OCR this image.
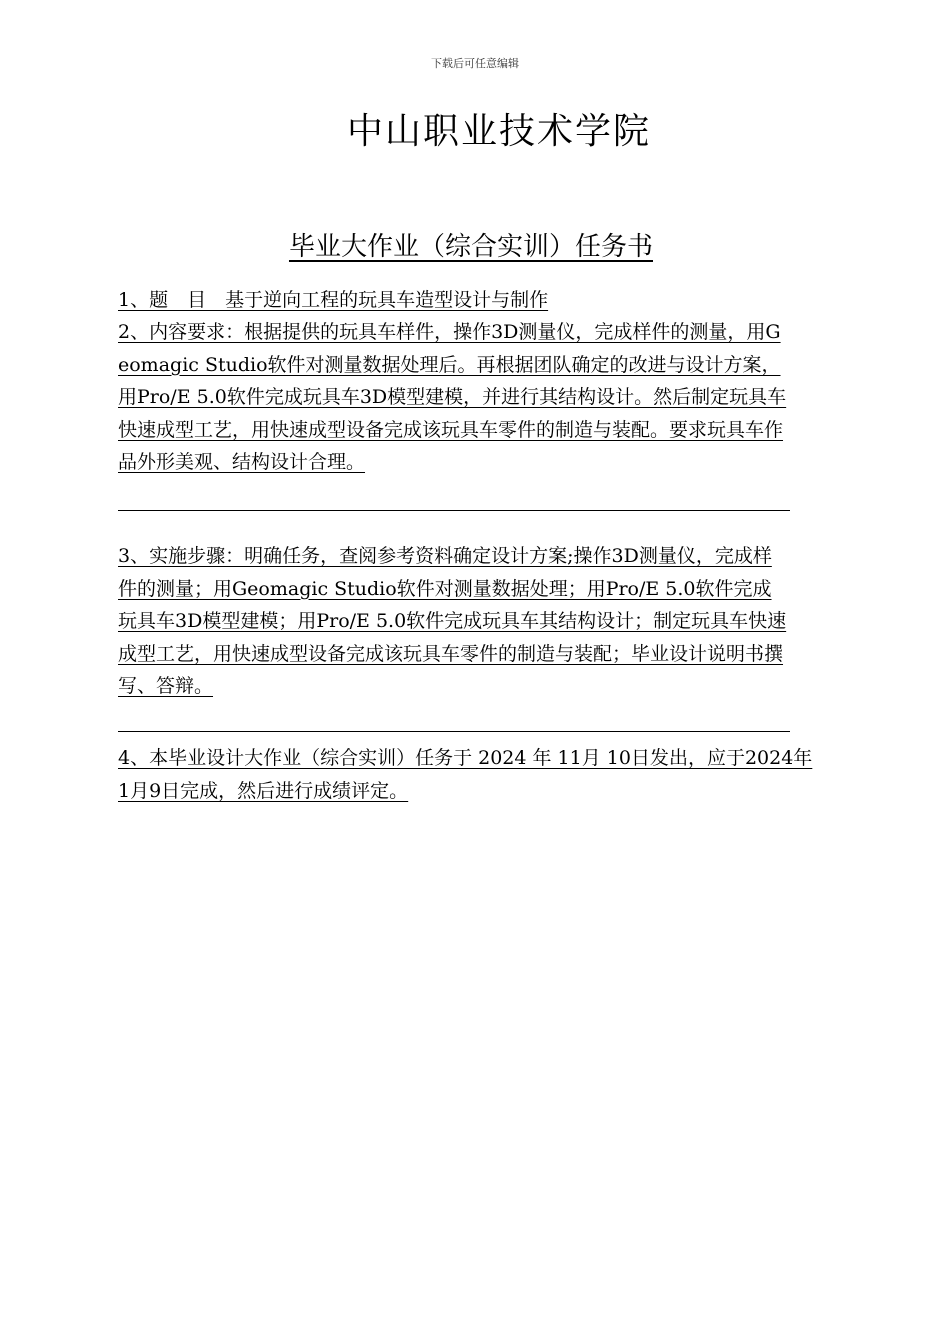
下载后可任意编辑
中山职业技术学院
毕业大作业（综合实训）任务书

1、题　目　基于逆向工程的玩具车造型设计与制作

2、内容要求：根据提供的玩具车样件，操作3D测量仪，完成样件的测量，用Geomagic Studio软件对测量数据处理后。再根据团队确定的改进与设计方案，用Pro/E 5.0软件完成玩具车3D模型建模，并进行其结构设计。然后制定玩具车快速成型工艺，用快速成型设备完成该玩具车零件的制造与装配。要求玩具车作品外形美观、结构设计合理。

3、实施步骤：明确任务，查阅参考资料确定设计方案;操作3D测量仪，完成样件的测量；用Geomagic Studio软件对测量数据处理；用Pro/E 5.0软件完成玩具车3D模型建模；用Pro/E 5.0软件完成玩具车其结构设计；制定玩具车快速成型工艺，用快速成型设备完成该玩具车零件的制造与装配；毕业设计说明书撰写、答辩。

4、本毕业设计大作业（综合实训）任务于 2024 年 11月 10日发出，应于2024年1月9日完成，然后进行成绩评定。
